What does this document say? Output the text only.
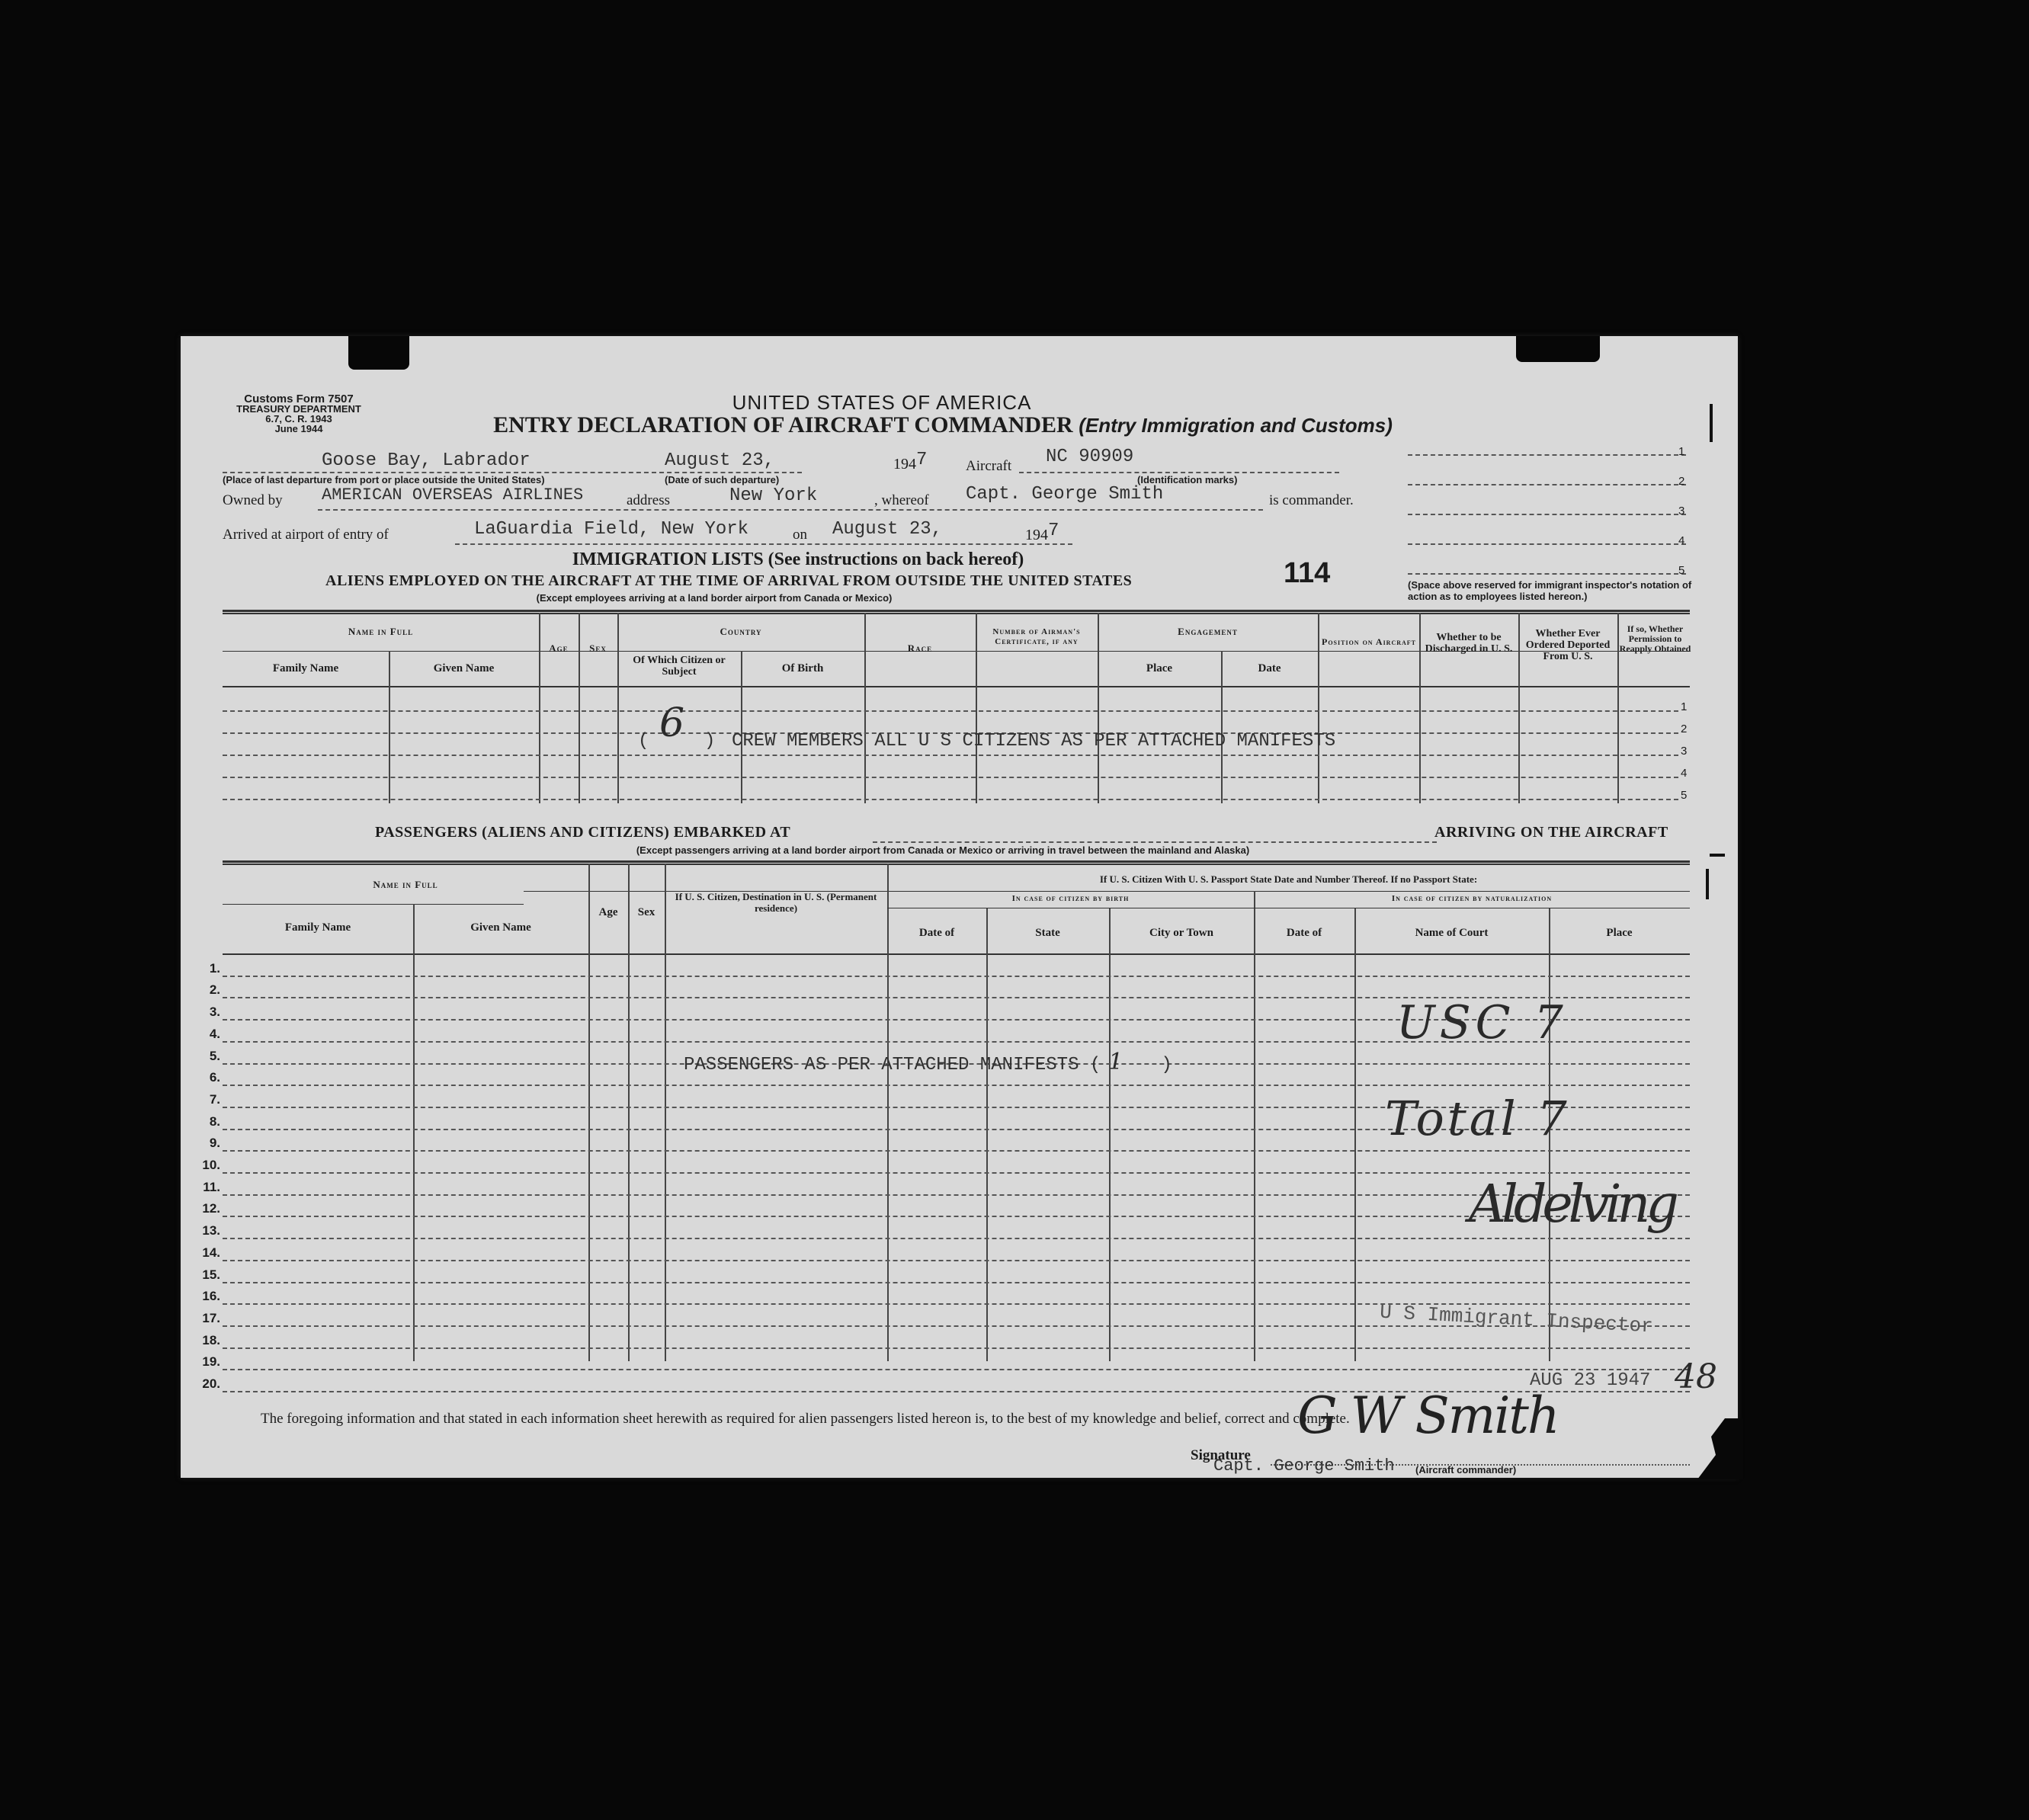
Customs Form 7507
TREASURY DEPARTMENT
6.7, C. R. 1943
June 1944
UNITED STATES OF AMERICA
ENTRY DECLARATION OF AIRCRAFT COMMANDER (Entry Immigration and Customs)
Goose Bay, Labrador
(Place of last departure from port or place outside the United States)
August 23,
(Date of such departure)
1947	Aircraft NC 90909
(Identification marks)
Owned by AMERICAN OVERSEAS AIRLINES	address	New York	, whereof Capt. George Smith	is commander.
Arrived at airport of entry of	LaGuardia Field, New York	on August 23,	1947
1
2
3
4
5
(Space above reserved for immigrant inspector's notation of action as to employees listed hereon.)
IMMIGRATION LISTS (See instructions on back hereof)
ALIENS EMPLOYED ON THE AIRCRAFT AT THE TIME OF ARRIVAL FROM OUTSIDE THE UNITED STATES
(Except employees arriving at a land border airport from Canada or Mexico)
114
Name in Full
Family Name	Given Name
Age	Sex
Country
Of Which Citizen or Subject	Of Birth
Race
Number of Airman's Certificate, if any
Engagement
Place	Date
Position on Aircraft	Whether to be Discharged in U. S.
Whether Ever Ordered Deported From U. S.
If so, Whether Permission to Reapply Obtained
1
2
3
4
5
( 6 ) CREW MEMBERS ALL U S CITIZENS AS PER ATTACHED MANIFESTS
PASSENGERS (ALIENS AND CITIZENS) EMBARKED AT	ARRIVING ON THE AIRCRAFT
(Except passengers arriving at a land border airport from Canada or Mexico or arriving in travel between the mainland and Alaska)
Name in Full
Family Name	Given Name
Age	Sex
If U. S. Citizen, Destination in U. S. (Permanent residence)
If U. S. Citizen With U. S. Passport State Date and Number Thereof. If no Passport State:
In case of citizen by birth	In case of citizen by naturalization
Date of	State	City or Town	Date of	Name of Court	Place
1.
2.
3.
4.
5.
6.
7.
8.
9.
10.
11.
12.
13.
14.
15.
16.
17.
18.
19.
20.
PASSENGERS AS PER ATTACHED MANIFESTS ( 1 )
USC 7
Total 7
Aldelving
U S Immigrant Inspector
AUG 23 1947 48
The foregoing information and that stated in each information sheet herewith as required for alien passengers listed hereon is, to the best of my knowledge and belief, correct and complete.
Signature
Capt. George Smith (Aircraft commander)
G W Smith
